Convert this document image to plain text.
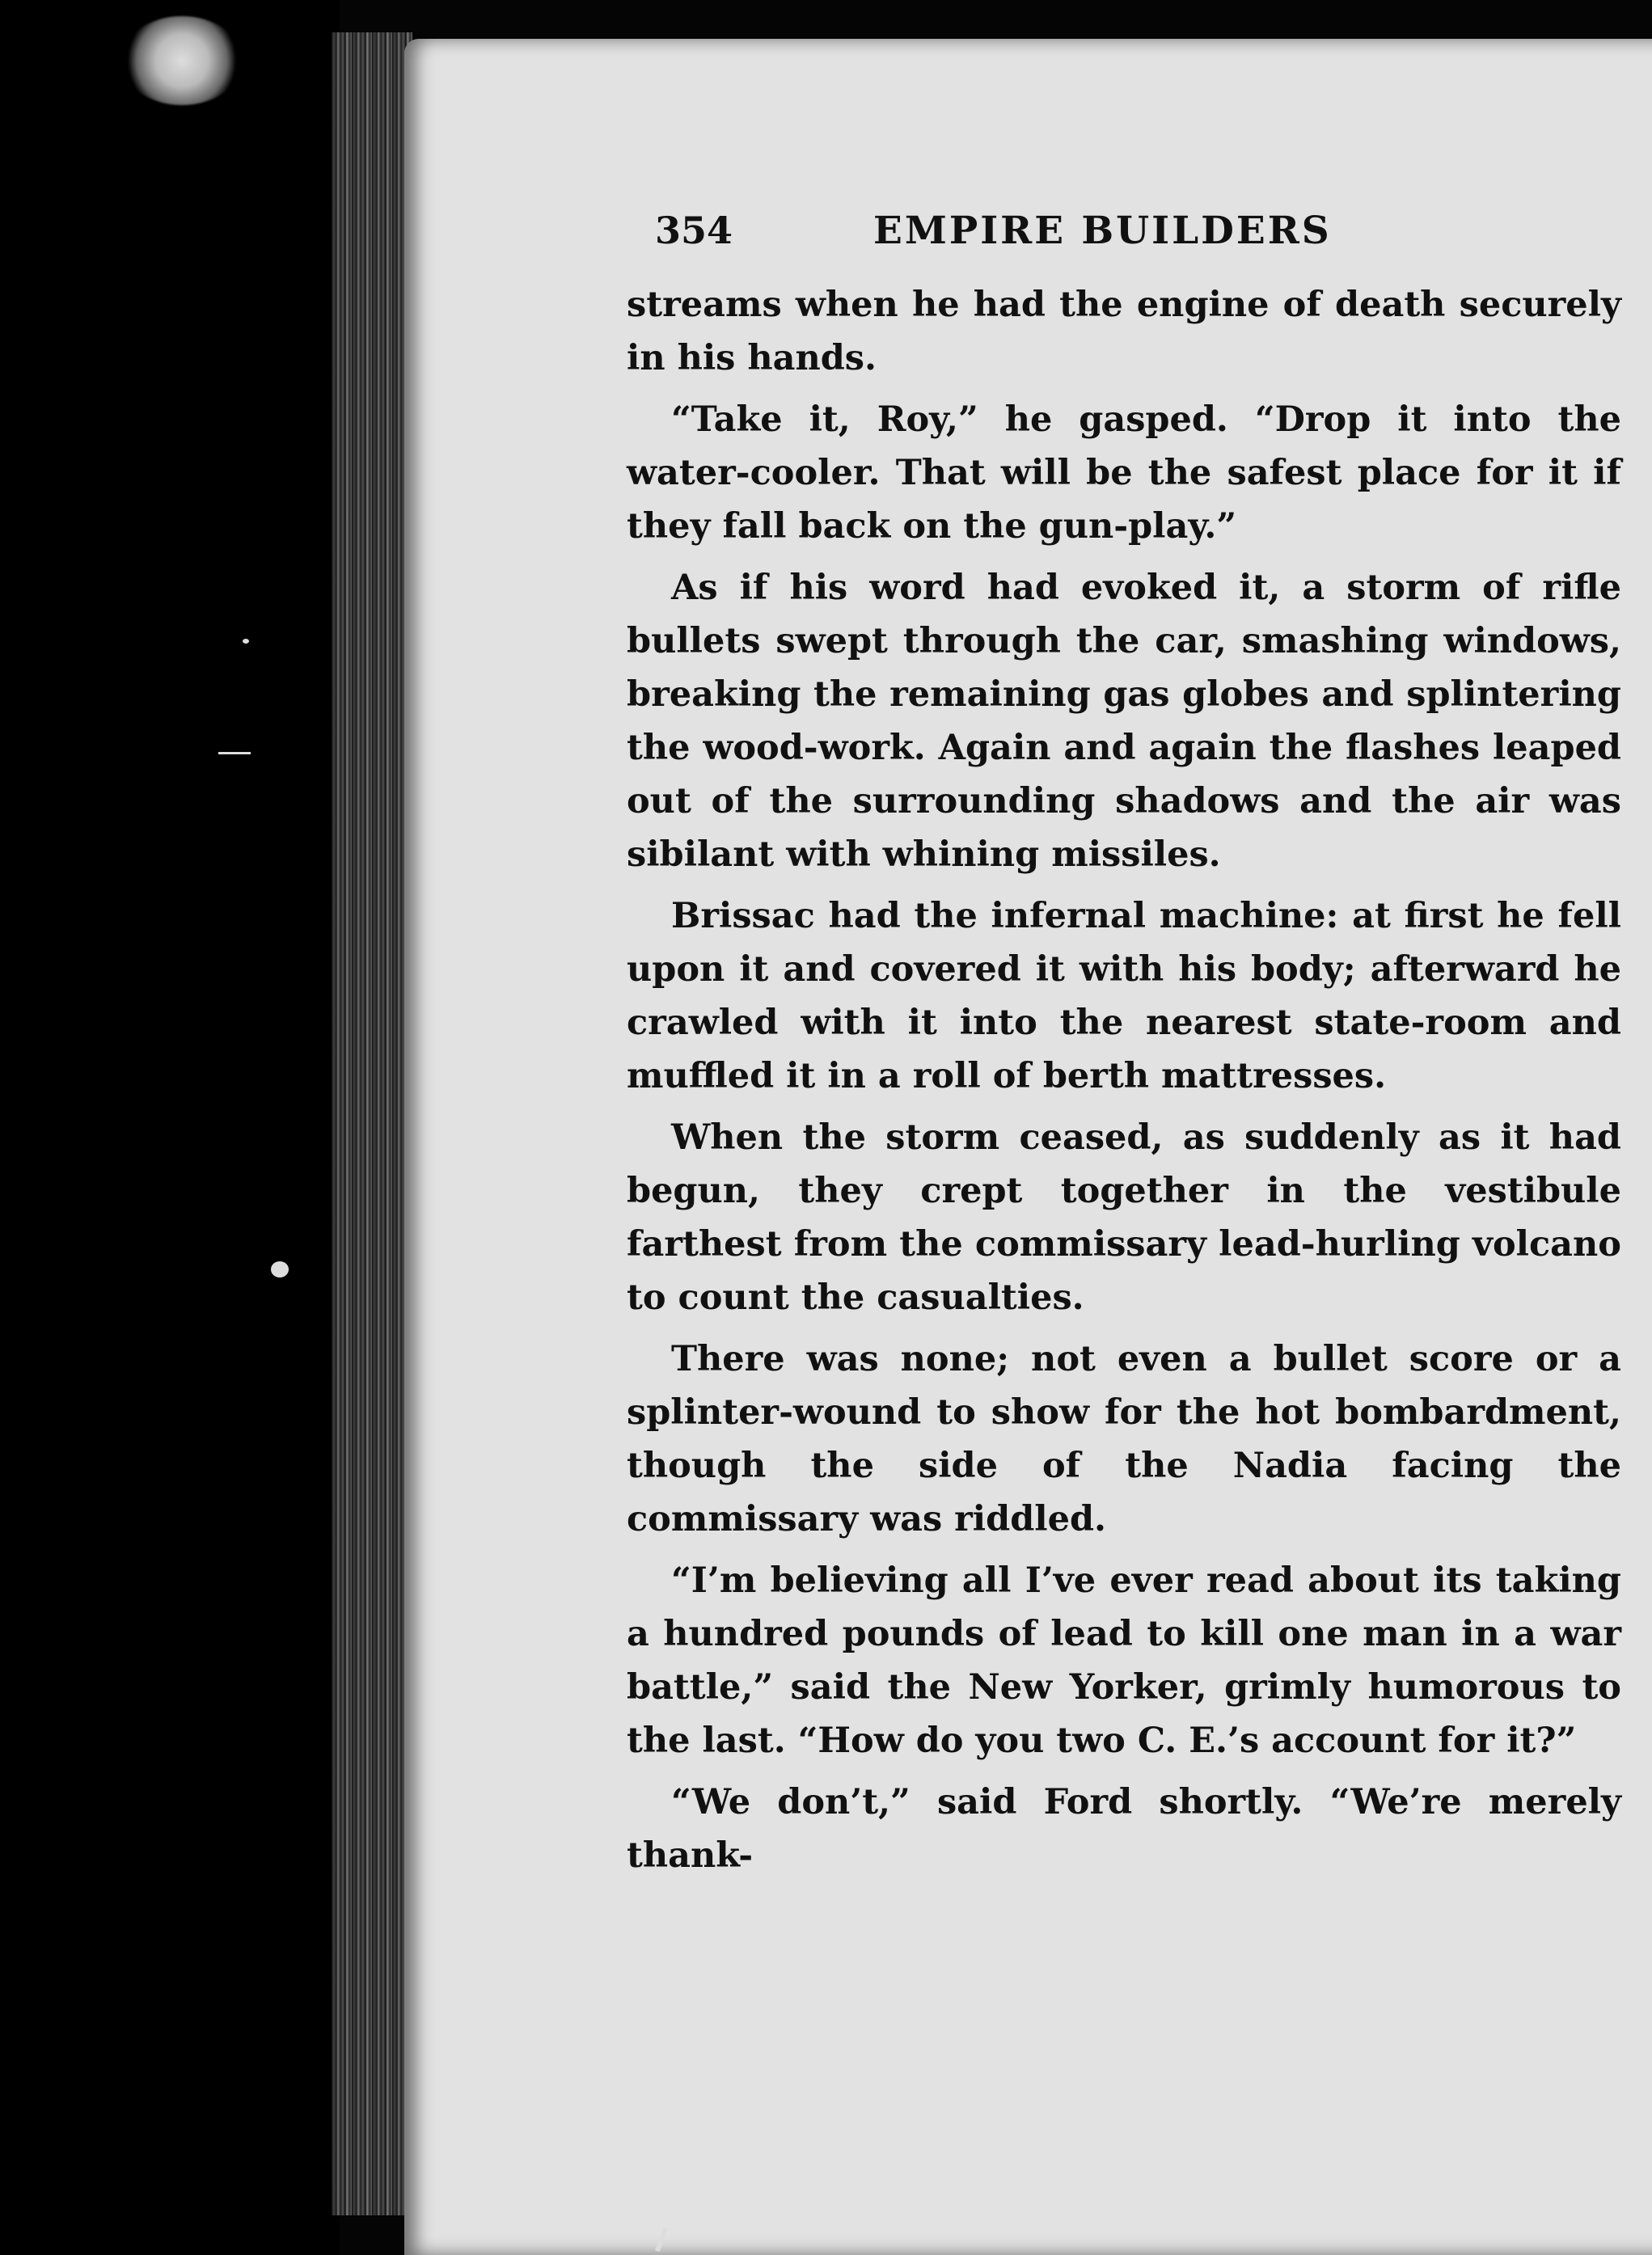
354	EMPIRE BUILDERS

streams when he had the engine of death securely in his hands.

“Take it, Roy,” he gasped. “Drop it into the water-cooler. That will be the safest place for it if they fall back on the gun-play.”

As if his word had evoked it, a storm of rifle bullets swept through the car, smashing windows, breaking the remaining gas globes and splintering the wood-work. Again and again the flashes leaped out of the surrounding shadows and the air was sibilant with whining missiles.

Brissac had the infernal machine: at first he fell upon it and covered it with his body; afterward he crawled with it into the nearest state-room and muffled it in a roll of berth mattresses.

When the storm ceased, as suddenly as it had begun, they crept together in the vestibule farthest from the commissary lead-hurling volcano to count the casualties.

There was none; not even a bullet score or a splinter-wound to show for the hot bombardment, though the side of the Nadia facing the commissary was riddled.

“I’m believing all I’ve ever read about its taking a hundred pounds of lead to kill one man in a war battle,” said the New Yorker, grimly humorous to the last. “How do you two C. E.’s account for it?”

“We don’t,” said Ford shortly. “We’re merely thank-
